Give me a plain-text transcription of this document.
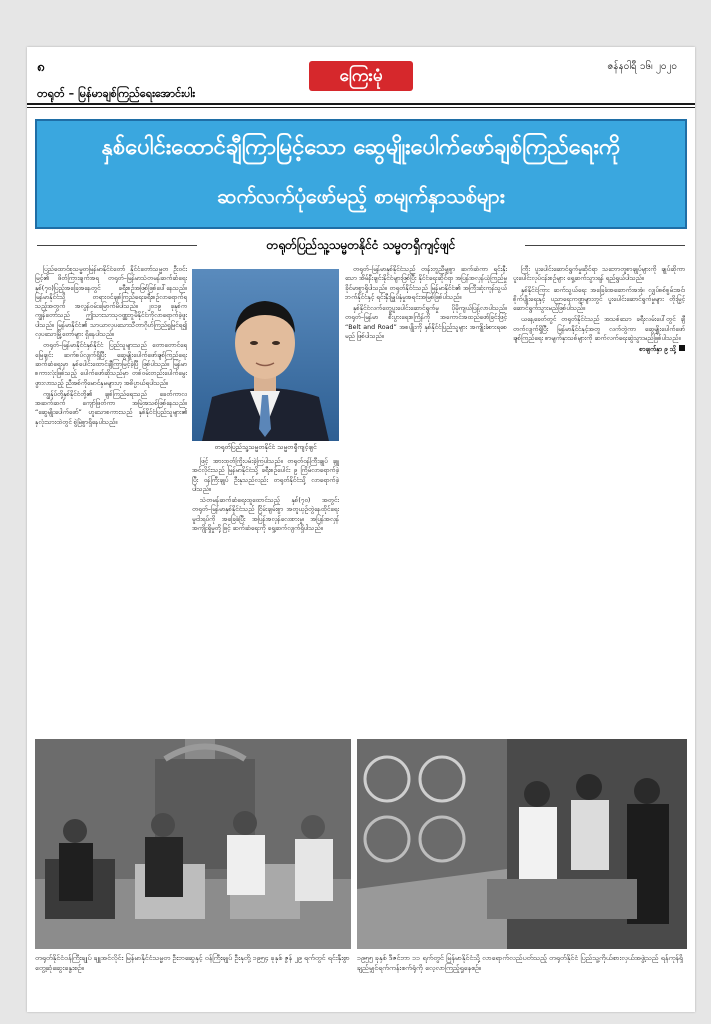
၈	ကြေးမုံ	ဇန်နဝါရီ ၁၆၊ ၂၀၂၀
တရုတ် – မြန်မာချစ်ကြည်ရေးအောင်းပါး
နှစ်ပေါင်းထောင်ချီကြာမြင့်သော ဆွေမျိုးပေါက်ဖော်ချစ်ကြည်ရေးကို
ဆက်လက်ပုံဖော်မည့် စာမျက်နှာသစ်များ
တရုတ်ပြည်သူ့သမ္မတနိုင်ငံ သမ္မတရှီကျင့်ဖျင်

ပြည်ထောင်စုသမ္မတမြန်မာနိုင်ငံတော် နိုင်ငံတော်သမ္မတ ဦးဝင်းမြင့်၏ ဖိတ်ကြားချက်အရ တရုတ်–မြန်မာသံတမန်ဆက်ဆံရေး နှစ်(၇၀)ပြည့်အခြေအနေတွင် ခရီးစဉ်အဖြစ်ဖြစ်ပေါ်နေသည်။ မြန်မာနိုင်ငံသို့ တရားဝင်ချစ်ကြည်ရေးခရီးစဉ်လာရောက်ရသည့်အတွက် အလွန်ဝမ်းမြောက်မိပါသည်။ ၂၀၁၉ ခုနှစ်က ကျွန်တော်သည် ဤသားသာသုဝဏ္ဏဘူမိနိုင်ငံကိုလာရောက်ခဲ့ဖူးပါသည်။ မြန်မာနိုင်ငံ၏ သာယာလှပသောသီတာဂိုဟ်ကြည်ရှုမြင်ရ၍ လှပသောမြို့တော်များ ရှိနေပါသည်။

တရုတ်–မြန်မာနိုင်ငံနှစ်နိုင်ငံ ပြည်သူများသည် တောတောင်ရေမြေချင်း ဆက်စပ်လျက်ရှိပြီး ဆွေမျိုးပေါက်ဖော်ချစ်ကြည်ရေးဆက်ဆံရေးမှာ နှစ်ပေါင်းထောင်ချီကြာမြင့်ခဲ့ပြီ ဖြစ်ပါသည်။ မြန်မာစကားလုံးဖြစ်သည့် ပေါက်ဖော်ဆိုသည်မှာ တစ်ဝမ်းတည်းပေါက်မွေးဖွားလာသည့် ညီအစ်ကိုမောင်နှမများဟု အဓိပ္ပာယ်ရပါသည်။

ကျွန်ုပ်တို့နှစ်နိုင်ငံတို့၏ ချစ်ကြည်ရေးသည် ခေတ်ကာလအဆက်ဆက် ကျော်ဖြတ်ကာ အမြဲအသစ်ဖြစ်နေသည်။ “ဆွေမျိုးပေါက်ဖော်” ဟူသောစကားသည် နှစ်နိုင်ငံပြည်သူများ၏ နှလုံးသားထဲတွင် စွဲမြဲစွာရှိနေပါသည်။

တရုတ်ပြည်သူ့သမ္မတနိုင်ငံ သမ္မတရှီကျင့်ဖျင်

ဖြင့် အားထုတ်ကြိုးပမ်းခဲ့ကြပါသည်။ တရုတ်ဝန်ကြီးချုပ် ချူအင်လိုင်းသည် မြန်မာနိုင်ငံသို့ ခရီးစဉ်ပေါင်း ၉ ကြိမ်လာရောက်ခဲ့ပြီး ဝန်ကြီးချုပ် ဦးနုသည်လည်း တရုတ်နိုင်ငံသို့ လာရောက်ခဲ့ပါသည်။

သံတမန်ဆက်ဆံရေးထူထောင်သည့် နှစ်(၇၀) အတွင်း တရုတ်–မြန်မာနှစ်နိုင်ငံသည် ငြိမ်းချမ်းစွာ အတူယှဉ်တွဲနေထိုင်ရေး မူငါးရပ်ကို အခြေခံပြီး အပြန်အလှန်လေးစားမှု၊ အပြန်အလှန်အကျိုးရှိမှုတို့ဖြင့် ဆက်ဆံရေးကို ရှေ့ဆက်လျက်ရှိပါသည်။

တရုတ်–မြန်မာနှစ်နိုင်ငံသည် တန်းတူညီမျှစွာ ဆက်ဆံကာ ရင်းနှီးသော အိမ်နီးချင်းနိုင်ငံများဖြစ်ပြီး နိုင်ငံရေးဆိုင်ရာ အပြန်အလှန်ယုံကြည်မှု ခိုင်မာစွာရှိပါသည်။ တရုတ်နိုင်ငံသည် မြန်မာနိုင်ငံ၏ အကြီးဆုံးကုန်သွယ်ဘက်နိုင်ငံနှင့် ရင်းနှီးမြှုပ်နှံမှုအရင်းအမြစ်ဖြစ်ပါသည်။

နှစ်နိုင်ငံလက်တွေ့ပူးပေါင်းဆောင်ရွက်မှု ပိုမိုကျယ်ပြန့်လာပါသည်။ တရုတ်–မြန်မာ စီးပွားရေးစင်္ကြန်ကို အကောင်အထည်ဖော်ခြင်းဖြင့် “Belt and Road” အစပျိုးကို နှစ်နိုင်ငံပြည်သူများ အကျိုးခံစားရစေမည် ဖြစ်ပါသည်။

ကြီး ပူးပေါင်းဆောင်ရွက်မှုဆိုင်ရာ သဘောတူစာချုပ်များကို ချုပ်ဆိုကာ ပူးပေါင်းလုပ်ငန်းစဉ်များ ရှေ့ဆက်သွားရန် ရည်ရွယ်ပါသည်။

နှစ်နိုင်ငံကြား ဆက်သွယ်ရေး အခြေခံအဆောက်အအုံ၊ လျှပ်စစ်စွမ်းအင်၊ စိုက်ပျိုးရေးနှင့် ပညာရေးကဏ္ဍများတွင် ပူးပေါင်းဆောင်ရွက်မှုများ တိုးမြှင့်ဆောင်ရွက်သွားမည်ဖြစ်ပါသည်။

ယနေ့ခေတ်တွင် တရုတ်နိုင်ငံသည် အသစ်သော ခရီးလမ်းပေါ်တွင် ချီတက်လျက်ရှိပြီး မြန်မာနိုင်ငံနှင့်အတူ လက်တွဲကာ ဆွေမျိုးပေါက်ဖော်ချစ်ကြည်ရေး စာမျက်နှာသစ်များကို ဆက်လက်ရေးဆွဲသွားမည်ဖြစ်ပါသည်။

စာချက်နှာ ၉ သို့
တရုတ်နိုင်ငံဝန်ကြီးချုပ် ချူအင်လိုင်း မြန်မာနိုင်ငံသမ္မတ ဦးဘဆွေနှင့် ဝန်ကြီးချုပ် ဦးနုတို့ ၁၉၅၄ ခုနှစ် ဇွန် ၂၉ ရက်တွင် ရင်းနှီးစွာတွေ့ဆုံဆွေးနွေးစဉ်။
၁၉၅၅ ခုနှစ် ဒီဇင်ဘာ ၁၁ ရက်တွင် မြန်မာနိုင်ငံသို့ လာရောက်လည်ပတ်သည့် တရုတ်နိုင်ငံ ပြည်သူ့ကိုယ်စားလှယ်အဖွဲ့သည် ရန်ကုန်ရှိ ချည်မျှင်ရက်ကန်းစက်ရုံကို လေ့လာကြည့်ရှုနေစဉ်။
